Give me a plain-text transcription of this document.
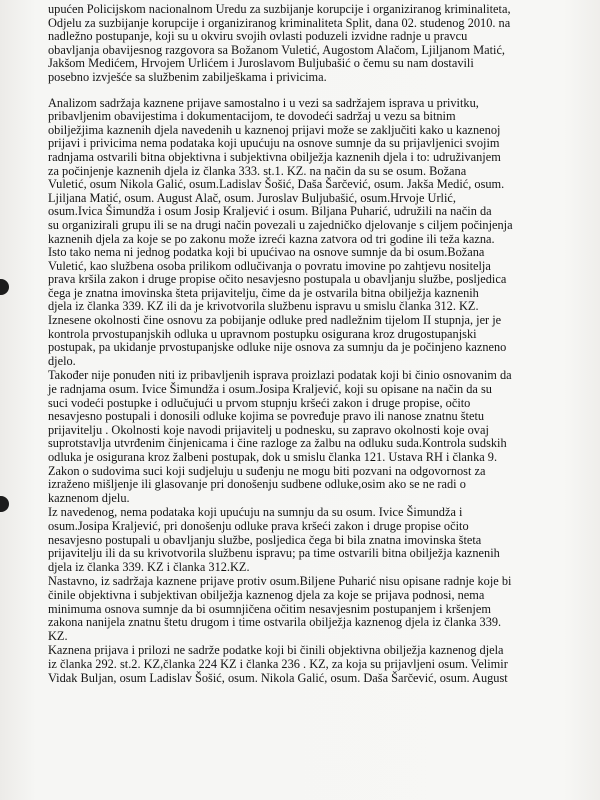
upućen Policijskom nacionalnom Uredu za suzbijanje korupcije i organiziranog kriminaliteta,
Odjelu za suzbijanje korupcije i organiziranog kriminaliteta Split, dana 02. studenog 2010. na
nadležno postupanje, koji su u okviru svojih ovlasti poduzeli izvidne radnje u pravcu
obavljanja obavijesnog razgovora sa Božanom Vuletić, Augostom Alačom, Ljiljanom Matić,
Jakšom Medićem, Hrvojem Urlićem i Juroslavom Buljubašić o čemu su nam dostavili
posebno izvješće sa službenim zabilješkama i privicima.

Analizom sadržaja kaznene prijave samostalno i u vezi sa sadržajem isprava u privitku,
pribavljenim obavijestima i dokumentacijom, te dovodeći sadržaj u vezu sa bitnim
obilježjima kaznenih djela navedenih u kaznenoj prijavi može se zaključiti kako u kaznenoj
prijavi i privicima nema podataka koji upućuju na osnove sumnje da su prijavljenici svojim
radnjama ostvarili bitna objektivna i subjektivna obilježja kaznenih djela i to: udruživanjem
za počinjenje kaznenih djela iz članka 333. st.1. KZ. na način da su se osum. Božana
Vuletić, osum Nikola Galić, osum.Ladislav Šošić, Daša Šarčević, osum. Jakša Medić, osum.
Ljiljana Matić, osum. August Alač, osum. Juroslav Buljubašić, osum.Hrvoje Urlić,
osum.Ivica Šimundža i osum Josip Kraljević i osum. Biljana Puharić, udružili na način da
su organizirali grupu ili se na drugi način povezali u zajedničko djelovanje s ciljem počinjenja
kaznenih djela za koje se po zakonu može izreći kazna zatvora od tri godine ili teža kazna.
Isto tako nema ni jednog podatka koji bi upućivao na osnove sumnje da bi osum.Božana
Vuletić, kao službena osoba prilikom odlučivanja o povratu imovine po zahtjevu nositelja
prava kršila zakon i druge propise očito nesavjesno postupala u obavljanju službe, posljedica
čega je znatna imovinska šteta prijavitelju, čime da je ostvarila bitna obilježja kaznenih
djela iz članka 339. KZ ili da je krivotvorila službenu ispravu u smislu članka 312. KZ.
Iznesene okolnosti čine osnovu za pobijanje odluke pred nadležnim tijelom II stupnja, jer je
kontrola prvostupanjskih odluka u upravnom postupku osigurana kroz drugostupanjski
postupak, pa ukidanje prvostupanjske odluke nije osnova za sumnju da je počinjeno kazneno
djelo.

Također nije ponuđen niti iz pribavljenih isprava proizlazi podatak koji bi činio osnovanim da
je radnjama osum. Ivice Šimundža i osum.Josipa Kraljević, koji su opisane na način da su
suci vodeći postupke i odlučujući u prvom stupnju kršeći zakon i druge propise, očito
nesavjesno postupali i donosili odluke kojima se povređuje pravo ili nanose znatnu štetu
prijavitelju . Okolnosti koje navodi prijavitelj u podnesku, su zapravo okolnosti koje ovaj
suprotstavlja utvrđenim činjenicama i čine razloge za žalbu na odluku suda.Kontrola sudskih
odluka je osigurana kroz žalbeni postupak, dok u smislu članka 121. Ustava RH i članka 9.
Zakon o sudovima suci koji sudjeluju u suđenju ne mogu biti pozvani na odgovornost za
izraženo mišljenje ili glasovanje pri donošenju sudbene odluke,osim ako se ne radi o
kaznenom djelu.

Iz navedenog, nema podataka koji upućuju na sumnju da su osum. Ivice Šimundža i
osum.Josipa Kraljević, pri donošenju odluke prava kršeći zakon i druge propise očito
nesavjesno postupali u obavljanju službe, posljedica čega bi bila znatna imovinska šteta
prijavitelju ili da su krivotvorila službenu ispravu; pa time ostvarili bitna obilježja kaznenih
djela iz članka 339. KZ i članka 312.KZ.

Nastavno, iz sadržaja kaznene prijave protiv osum.Biljene Puharić nisu opisane radnje koje bi
činile objektivna i subjektivan obilježja kaznenog djela za koje se prijava podnosi, nema
minimuma osnova sumnje da bi osumnjičena očitim nesavjesnim postupanjem i kršenjem
zakona nanijela znatnu štetu drugom i time ostvarila obilježja kaznenog djela iz članka 339.
KZ.

Kaznena prijava i prilozi ne sadrže podatke koji bi činili objektivna obilježja kaznenog djela
iz članka 292. st.2. KZ,članka 224 KZ i članka 236 . KZ, za koja su prijavljeni osum. Velimir
Vidak Buljan, osum Ladislav Šošić, osum. Nikola Galić, osum. Daša Šarčević, osum. August
